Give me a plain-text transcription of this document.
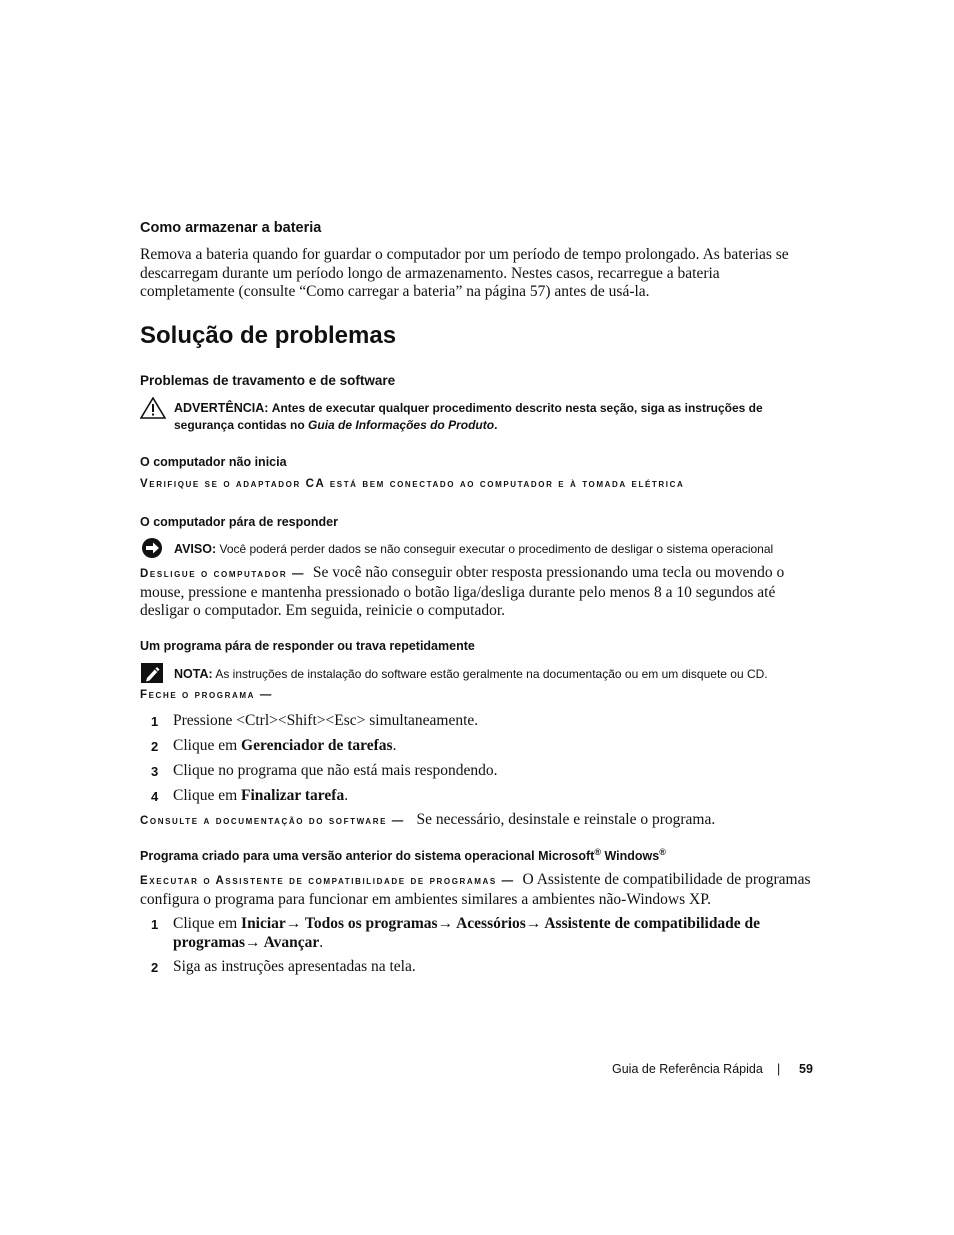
Como armazenar a bateria
Remova a bateria quando for guardar o computador por um período de tempo prolongado. As baterias se descarregam durante um período longo de armazenamento. Nestes casos, recarregue a bateria completamente (consulte “Como carregar a bateria” na página 57) antes de usá-la.
Solução de problemas
Problemas de travamento e de software
ADVERTÊNCIA: Antes de executar qualquer procedimento descrito nesta seção, siga as instruções de segurança contidas no Guia de Informações do Produto.
O computador não inicia
Verifique se o adaptador CA está bem conectado ao computador e à tomada elétrica
O computador pára de responder
AVISO: Você poderá perder dados se não conseguir executar o procedimento de desligar o sistema operacional
Desligue o computador — Se você não conseguir obter resposta pressionando uma tecla ou movendo o mouse, pressione e mantenha pressionado o botão liga/desliga durante pelo menos 8 a 10 segundos até desligar o computador. Em seguida, reinicie o computador.
Um programa pára de responder ou trava repetidamente
NOTA: As instruções de instalação do software estão geralmente na documentação ou em um disquete ou CD.
Feche o programa —
1 Pressione <Ctrl><Shift><Esc> simultaneamente.
2 Clique em Gerenciador de tarefas.
3 Clique no programa que não está mais respondendo.
4 Clique em Finalizar tarefa.
Consulte a documentação do software — Se necessário, desinstale e reinstale o programa.
Programa criado para uma versão anterior do sistema operacional Microsoft® Windows®
Executar o Assistente de compatibilidade de programas — O Assistente de compatibilidade de programas configura o programa para funcionar em ambientes similares a ambientes não-Windows XP.
1 Clique em Iniciar→ Todos os programas→ Acessórios→ Assistente de compatibilidade de programas→ Avançar.
2 Siga as instruções apresentadas na tela.
Guia de Referência Rápida | 59
